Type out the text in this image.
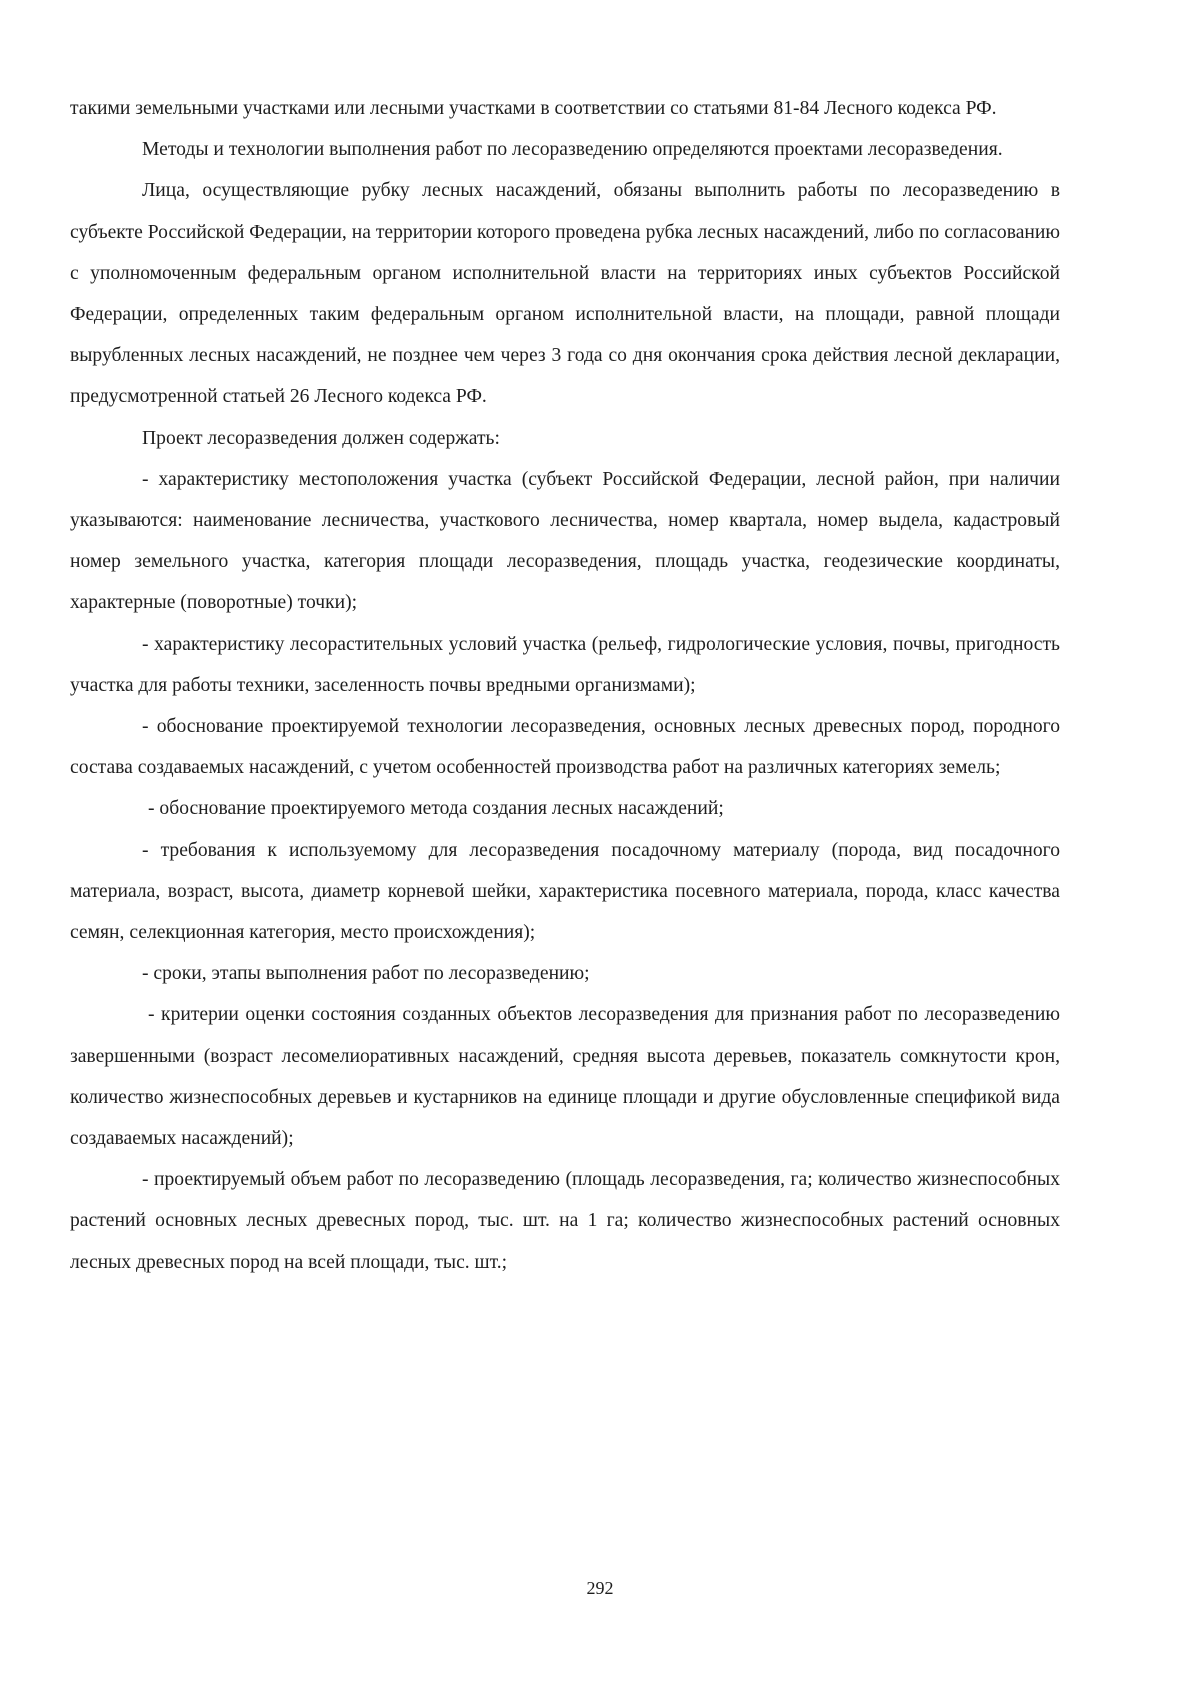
такими земельными участками или лесными участками в соответствии со статьями 81-84 Лесного кодекса РФ.

Методы и технологии выполнения работ по лесоразведению определяются проектами лесоразведения.

Лица, осуществляющие рубку лесных насаждений, обязаны выполнить работы по лесоразведению в субъекте Российской Федерации, на территории которого проведена рубка лесных насаждений, либо по согласованию с уполномоченным федеральным органом исполнительной власти на территориях иных субъектов Российской Федерации, определенных таким федеральным органом исполнительной власти, на площади, равной площади вырубленных лесных насаждений, не позднее чем через 3 года со дня окончания срока действия лесной декларации, предусмотренной статьей 26 Лесного кодекса РФ.

Проект лесоразведения должен содержать:

- характеристику местоположения участка (субъект Российской Федерации, лесной район, при наличии указываются: наименование лесничества, участкового лесничества, номер квартала, номер выдела, кадастровый номер земельного участка, категория площади лесоразведения, площадь участка, геодезические координаты, характерные (поворотные) точки);

- характеристику лесорастительных условий участка (рельеф, гидрологические условия, почвы, пригодность участка для работы техники, заселенность почвы вредными организмами);

- обоснование проектируемой технологии лесоразведения, основных лесных древесных пород, породного состава создаваемых насаждений, с учетом особенностей производства работ на различных категориях земель;

- обоснование проектируемого метода создания лесных насаждений;

- требования к используемому для лесоразведения посадочному материалу (порода, вид посадочного материала, возраст, высота, диаметр корневой шейки, характеристика посевного материала, порода, класс качества семян, селекционная категория, место происхождения);

- сроки, этапы выполнения работ по лесоразведению;

- критерии оценки состояния созданных объектов лесоразведения для признания работ по лесоразведению завершенными (возраст лесомелиоративных насаждений, средняя высота деревьев, показатель сомкнутости крон, количество жизнеспособных деревьев и кустарников на единице площади и другие обусловленные спецификой вида создаваемых насаждений);

- проектируемый объем работ по лесоразведению (площадь лесоразведения, га; количество жизнеспособных растений основных лесных древесных пород, тыс. шт. на 1 га; количество жизнеспособных растений основных лесных древесных пород на всей площади, тыс. шт.;

292
